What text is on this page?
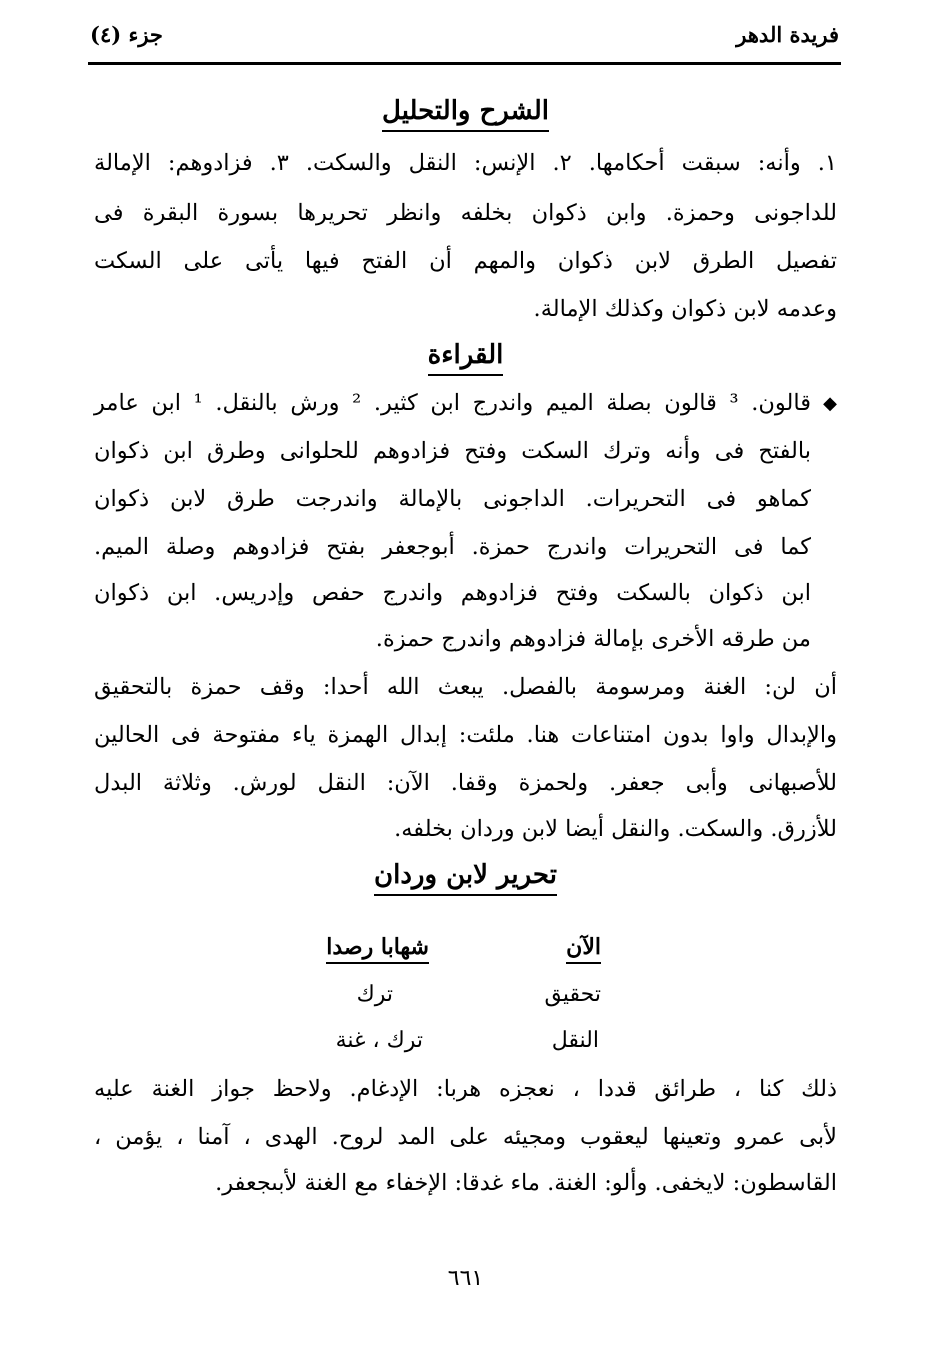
فريدة الدهر
جزء (٤)
الشرح والتحليل
١. وأنه: سبقت أحكامها. ٢. الإنس: النقل والسكت. ٣. فزادوهم: الإمالة
للداجونى وحمزة. وابن ذكوان بخلفه وانظر تحريرها بسورة البقرة فى
تفصيل الطرق لابن ذكوان والمهم أن الفتح فيها يأتى على السكت
وعدمه لابن ذكوان وكذلك الإمالة.
القراءة
◆
قالون. ³ قالون بصلة الميم واندرج ابن كثير. ² ورش بالنقل. ¹ ابن عامر
بالفتح فى وأنه وترك السكت وفتح فزادوهم للحلوانى وطرق ابن ذكوان
كماهو فى التحريرات. الداجونى بالإمالة واندرجت طرق لابن ذكوان
كما فى التحريرات واندرج حمزة. أبوجعفر بفتح فزادوهم وصلة الميم.
ابن ذكوان بالسكت وفتح فزادوهم واندرج حفص وإدريس. ابن ذكوان
من طرقه الأخرى بإمالة فزادوهم واندرج حمزة.
أن لن: الغنة ومرسومة بالفصل. يبعث الله أحدا: وقف حمزة بالتحقيق
والإبدال واوا بدون امتناعات هنا. ملئت: إبدال الهمزة ياء مفتوحة فى الحالين
للأصبهانى وأبى جعفر. ولحمزة وقفا. الآن: النقل لورش. وثلاثة البدل
للأزرق. والسكت. والنقل أيضا لابن وردان بخلفه.
تحرير لابن وردان
الآن
شهابا رصدا
تحقيق
ترك
النقل
ترك ، غنة
ذلك كنا ، طرائق قددا ، نعجزه هربا: الإدغام. ولاحظ جواز الغنة عليه
لأبى عمرو وتعينها ليعقوب ومجيئه على المد لروح. الهدى ، آمنا ، يؤمن ،
القاسطون: لايخفى. وألو: الغنة. ماء غدقا: الإخفاء مع الغنة لأبىجعفر.
٦٦١
